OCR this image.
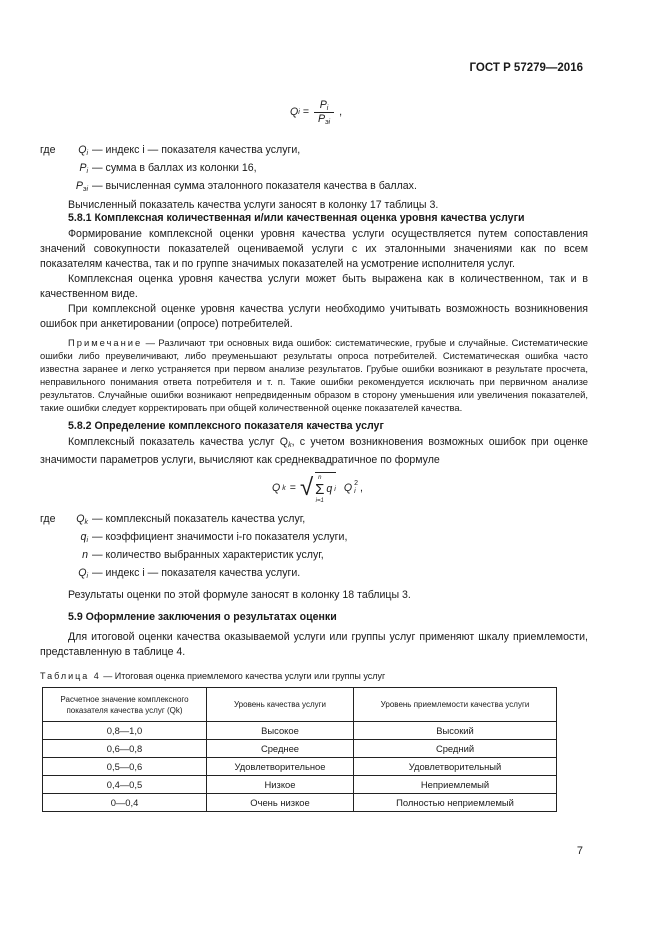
ГОСТ Р 57279—2016
Q i =
$P_i$
$P_{эi}$
,
где $Q_i$ — индекс i — показателя качества услуги,
$P_i$ — сумма в баллах из колонки 16,
$P_{эi}$ — вычисленная сумма эталонного показателя качества в баллах.
Вычисленный показатель качества услуги заносят в колонку 17 таблицы 3.
5.8.1 Комплексная количественная и/или качественная оценка уровня качества услуги
Формирование комплексной оценки уровня качества услуги осуществляется путем сопоставления значений совокупности показателей оцениваемой услуги с их эталонными значениями как по всем показателям качества, так и по группе значимых показателей на усмотрение исполнителя услуг.
Комплексная оценка уровня качества услуги может быть выражена как в количественном, так и в качественном виде.
При комплексной оценке уровня качества услуги необходимо учитывать возможность возникновения ошибок при анкетировании (опросе) потребителей.
Примечание — Различают три основных вида ошибок: систематические, грубые и случайные. Систематические ошибки либо преувеличивают, либо преуменьшают результаты опроса потребителей. Систематическая ошибка часто известна заранее и легко устраняется при первом анализе результатов. Грубые ошибки возникают в результате просчета, неправильного понимания ответа потребителя и т. п. Такие ошибки рекомендуется исключать при первичном анализе результатов. Случайные ошибки возникают непредвиденным образом в сторону уменьшения или увеличения показателей, такие ошибки следует корректировать при общей количественной оценке показателей качества.
5.8.2 Определение комплексного показателя качества услуг
Комплексный показатель качества услуг $Q_k$, с учетом возникновения возможных ошибок при оценке значимости параметров услуги, вычисляют как среднеквадратичное по формуле
Q k = √ n
Σ
i=1
q i Q 2
i ,
где $Q_k$ — комплексный показатель качества услуг,
$q_i$ — коэффициент значимости i-го показателя услуги,
n — количество выбранных характеристик услуг,
$Q_i$ — индекс i — показателя качества услуги.
Результаты оценки по этой формуле заносят в колонку 18 таблицы 3.
5.9 Оформление заключения о результатах оценки
Для итоговой оценки качества оказываемой услуги или группы услуг применяют шкалу приемлемости, представленную в таблице 4.
Таблица 4 — Итоговая оценка приемлемого качества услуги или группы услуг
Расчетное значение комплексного показателя качества услуг (Qk)	Уровень качества услуги	Уровень приемлемости качества услуги
0,8—1,0	Высокое	Высокий
0,6—0,8	Среднее	Средний
0,5—0,6	Удовлетворительное	Удовлетворительный
0,4—0,5	Низкое	Неприемлемый
0—0,4	Очень низкое	Полностью неприемлемый
7
